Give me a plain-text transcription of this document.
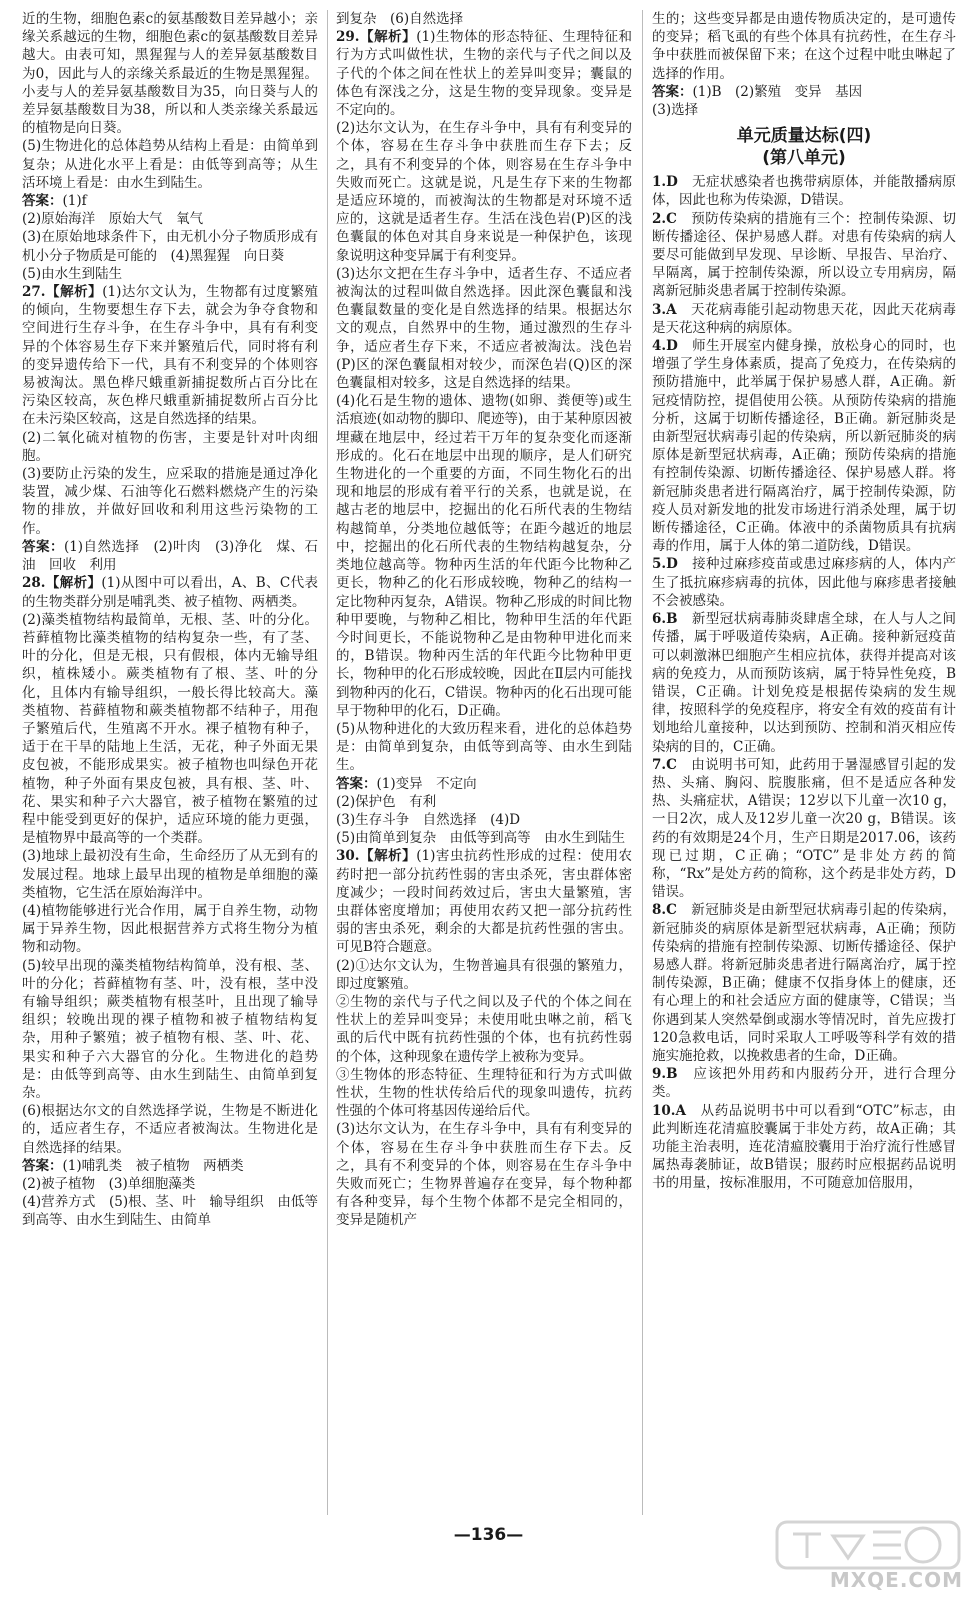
近的生物，细胞色素c的氨基酸数目差异越小；亲缘关系越远的生物，细胞色素c的氨基酸数目差异越大。由表可知，黑猩猩与人的差异氨基酸数目为0，因此与人的亲缘关系最近的生物是黑猩猩。小麦与人的差异氨基酸数目为35，向日葵与人的差异氨基酸数目为38，所以和人类亲缘关系最远的植物是向日葵。
(5)生物进化的总体趋势从结构上看是：由简单到复杂；从进化水平上看是：由低等到高等；从生活环境上看是：由水生到陆生。
答案：(1)f
(2)原始海洋　原始大气　氧气
(3)在原始地球条件下，由无机小分子物质形成有机小分子物质是可能的　(4)黑猩猩　向日葵
(5)由水生到陆生
27.【解析】(1)达尔文认为，生物都有过度繁殖的倾向，生物要想生存下去，就会为争夺食物和空间进行生存斗争，在生存斗争中，具有有利变异的个体容易生存下来并繁殖后代，同时将有利的变异遗传给下一代，具有不利变异的个体则容易被淘汰。黑色桦尺蛾重新捕捉数所占百分比在污染区较高，灰色桦尺蛾重新捕捉数所占百分比在未污染区较高，这是自然选择的结果。
(2)二氧化硫对植物的伤害，主要是针对叶肉细胞。
(3)要防止污染的发生，应采取的措施是通过净化装置，减少煤、石油等化石燃料燃烧产生的污染物的排放，并做好回收和利用这些污染物的工作。
答案：(1)自然选择　(2)叶肉　(3)净化　煤、石油　回收　利用
28.【解析】(1)从图中可以看出，A、B、C代表的生物类群分别是哺乳类、被子植物、两栖类。
(2)藻类植物结构最简单，无根、茎、叶的分化。苔藓植物比藻类植物的结构复杂一些，有了茎、叶的分化，但是无根，只有假根，体内无输导组织，植株矮小。蕨类植物有了根、茎、叶的分化，且体内有输导组织，一般长得比较高大。藻类植物、苔藓植物和蕨类植物都不结种子，用孢子繁殖后代，生殖离不开水。裸子植物有种子，适于在干旱的陆地上生活，无花，种子外面无果皮包被，不能形成果实。被子植物也叫绿色开花植物，种子外面有果皮包被，具有根、茎、叶、花、果实和种子六大器官，被子植物在繁殖的过程中能受到更好的保护，适应环境的能力更强，是植物界中最高等的一个类群。
(3)地球上最初没有生命，生命经历了从无到有的发展过程。地球上最早出现的植物是单细胞的藻类植物，它生活在原始海洋中。
(4)植物能够进行光合作用，属于自养生物，动物属于异养生物，因此根据营养方式将生物分为植物和动物。
(5)较早出现的藻类植物结构简单，没有根、茎、叶的分化；苔藓植物有茎、叶，没有根，茎中没有输导组织；蕨类植物有根茎叶，且出现了输导组织；较晚出现的裸子植物和被子植物结构复杂，用种子繁殖；被子植物有根、茎、叶、花、果实和种子六大器官的分化。生物进化的趋势是：由低等到高等、由水生到陆生、由简单到复杂。
(6)根据达尔文的自然选择学说，生物是不断进化的，适应者生存，不适应者被淘汰。生物进化是自然选择的结果。
答案：(1)哺乳类　被子植物　两栖类
(2)被子植物　(3)单细胞藻类
(4)营养方式　(5)根、茎、叶　输导组织　由低等到高等、由水生到陆生、由简单
到复杂　(6)自然选择
29.【解析】(1)生物体的形态特征、生理特征和行为方式叫做性状，生物的亲代与子代之间以及子代的个体之间在性状上的差异叫变异；囊鼠的体色有深浅之分，这是生物的变异现象。变异是不定向的。
(2)达尔文认为，在生存斗争中，具有有利变异的个体，容易在生存斗争中获胜而生存下去；反之，具有不利变异的个体，则容易在生存斗争中失败而死亡。这就是说，凡是生存下来的生物都是适应环境的，而被淘汰的生物都是对环境不适应的，这就是适者生存。生活在浅色岩(P)区的浅色囊鼠的体色对其自身来说是一种保护色，该现象说明这种变异属于有利变异。
(3)达尔文把在生存斗争中，适者生存、不适应者被淘汰的过程叫做自然选择。因此深色囊鼠和浅色囊鼠数量的变化是自然选择的结果。根据达尔文的观点，自然界中的生物，通过激烈的生存斗争，适应者生存下来，不适应者被淘汰。浅色岩(P)区的深色囊鼠相对较少，而深色岩(Q)区的深色囊鼠相对较多，这是自然选择的结果。
(4)化石是生物的遗体、遗物(如卵、粪便等)或生活痕迹(如动物的脚印、爬迹等)，由于某种原因被埋藏在地层中，经过若干万年的复杂变化而逐渐形成的。化石在地层中出现的顺序，是人们研究生物进化的一个重要的方面，不同生物化石的出现和地层的形成有着平行的关系，也就是说，在越古老的地层中，挖掘出的化石所代表的生物结构越简单，分类地位越低等；在距今越近的地层中，挖掘出的化石所代表的生物结构越复杂，分类地位越高等。物种丙生活的年代距今比物种乙更长，物种乙的化石形成较晚，物种乙的结构一定比物种丙复杂，A错误。物种乙形成的时间比物种甲要晚，与物种乙相比，物种甲生活的年代距今时间更长，不能说物种乙是由物种甲进化而来的，B错误。物种丙生活的年代距今比物种甲更长，物种甲的化石形成较晚，因此在Ⅱ层内可能找到物种丙的化石，C错误。物种丙的化石出现可能早于物种甲的化石，D正确。
(5)从物种进化的大致历程来看，进化的总体趋势是：由简单到复杂，由低等到高等、由水生到陆生。
答案：(1)变异　不定向
(2)保护色　有利
(3)生存斗争　自然选择　(4)D
(5)由简单到复杂　由低等到高等　由水生到陆生
30.【解析】(1)害虫抗药性形成的过程：使用农药时把一部分抗药性弱的害虫杀死，害虫群体密度减少；一段时间药效过后，害虫大量繁殖，害虫群体密度增加；再使用农药又把一部分抗药性弱的害虫杀死，剩余的大都是抗药性强的害虫。可见B符合题意。
(2)①达尔文认为，生物普遍具有很强的繁殖力，即过度繁殖。
②生物的亲代与子代之间以及子代的个体之间在性状上的差异叫变异；未使用吡虫啉之前，稻飞虱的后代中既有抗药性强的个体，也有抗药性弱的个体，这种现象在遗传学上被称为变异。
③生物体的形态特征、生理特征和行为方式叫做性状，生物的性状传给后代的现象叫遗传，抗药性强的个体可将基因传递给后代。
(3)达尔文认为，在生存斗争中，具有有利变异的个体，容易在生存斗争中获胜而生存下去。反之，具有不利变异的个体，则容易在生存斗争中失败而死亡；生物界普遍存在变异，每个物种都有各种变异，每个生物个体都不是完全相同的，变异是随机产
生的；这些变异都是由遗传物质决定的，是可遗传的变异；稻飞虱的有些个体具有抗药性，在生存斗争中获胜而被保留下来；在这个过程中吡虫啉起了选择的作用。
答案：(1)B　(2)繁殖　变异　基因
(3)选择
单元质量达标(四)
(第八单元)
1.D　 无症状感染者也携带病原体，并能散播病原体，因此也称为传染源，D错误。
2.C　 预防传染病的措施有三个：控制传染源、切断传播途径、保护易感人群。对患有传染病的病人要尽可能做到早发现、早诊断、早报告、早治疗、早隔离，属于控制传染源，所以设立专用病房，隔离新冠肺炎患者属于控制传染源。
3.A　 天花病毒能引起动物患天花，因此天花病毒是天花这种病的病原体。
4.D　 师生开展室内健身操，放松身心的同时，也增强了学生身体素质，提高了免疫力，在传染病的预防措施中，此举属于保护易感人群，A正确。新冠疫情防控，提倡使用公筷。从预防传染病的措施分析，这属于切断传播途径，B正确。新冠肺炎是由新型冠状病毒引起的传染病，所以新冠肺炎的病原体是新型冠状病毒，A正确；预防传染病的措施有控制传染源、切断传播途径、保护易感人群。将新冠肺炎患者进行隔离治疗，属于控制传染源，防疫人员对新发地的批发市场进行消杀处理，属于切断传播途径，C正确。体液中的杀菌物质具有抗病毒的作用，属于人体的第二道防线，D错误。
5.D　 接种过麻疹疫苗或患过麻疹病的人，体内产生了抵抗麻疹病毒的抗体，因此他与麻疹患者接触不会被感染。
6.B　 新型冠状病毒肺炎肆虐全球，在人与人之间传播，属于呼吸道传染病，A正确。接种新冠疫苗可以刺激淋巴细胞产生相应抗体，获得并提高对该病的免疫力，从而预防该病，属于特异性免疫，B错误，C正确。计划免疫是根据传染病的发生规律，按照科学的免疫程序，将安全有效的疫苗有计划地给儿童接种，以达到预防、控制和消灭相应传染病的目的，C正确。
7.C　 由说明书可知，此药用于暑湿感冒引起的发热、头痛、胸闷、脘腹胀痛，但不是适应各种发热、头痛症状，A错误；12岁以下儿童一次10 g，一日2次，成人及12岁儿童一次20 g，B错误。该药的有效期是24个月，生产日期是2017.06，该药现已过期，C正确；“OTC”是非处方药的简称，“Rx”是处方药的简称，这个药是非处方药，D错误。
8.C　 新冠肺炎是由新型冠状病毒引起的传染病，新冠肺炎的病原体是新型冠状病毒，A正确；预防传染病的措施有控制传染源、切断传播途径、保护易感人群。将新冠肺炎患者进行隔离治疗，属于控制传染源，B正确；健康不仅指身体上的健康，还有心理上的和社会适应方面的健康等，C错误；当你遇到某人突然晕倒或溺水等情况时，首先应拨打120急救电话，同时采取人工呼吸等科学有效的措施实施抢救，以挽救患者的生命，D正确。
9.B　 应该把外用药和内服药分开，进行合理分类。
10.A　 从药品说明书中可以看到“OTC”标志，由此判断连花清瘟胶囊属于非处方药，故A正确；其功能主治表明，连花清瘟胶囊用于治疗流行性感冒属热毒袭肺证，故B错误；服药时应根据药品说明书的用量，按标准服用，不可随意加倍服用，
—136—
MXQE.COM
